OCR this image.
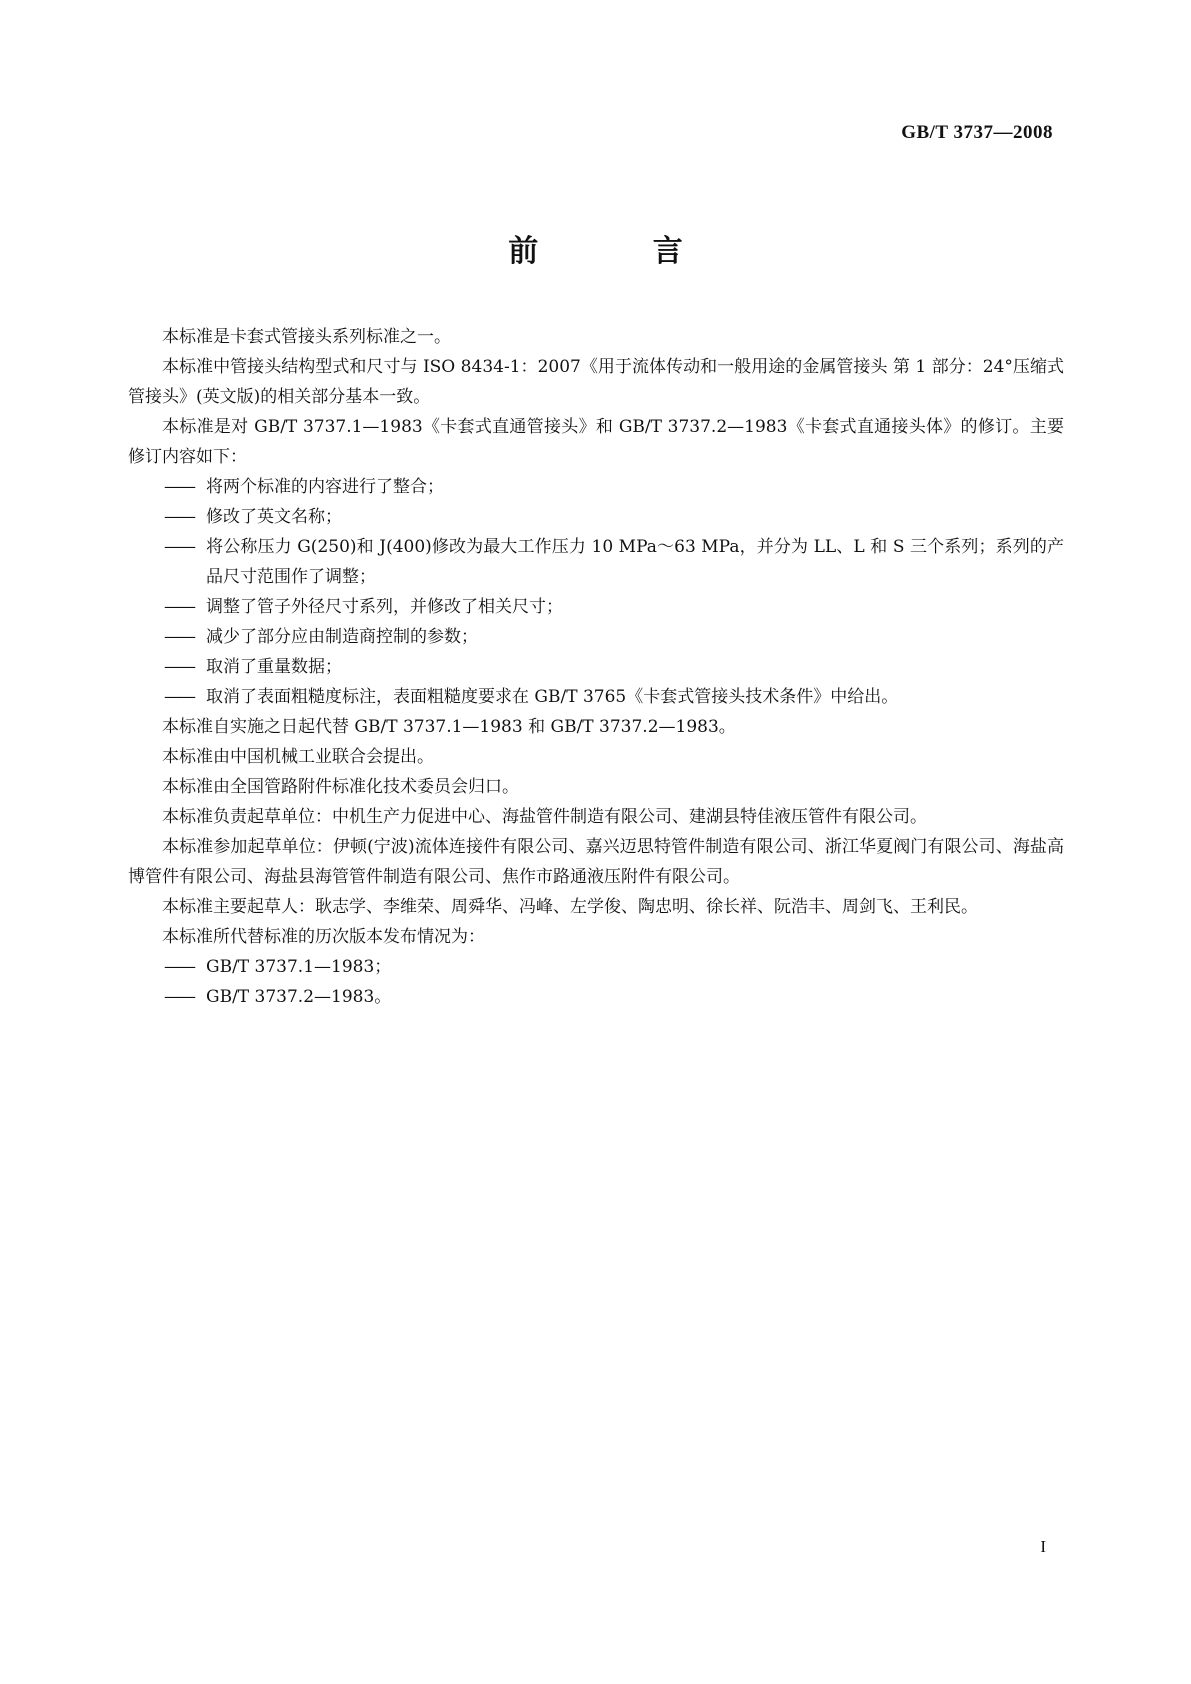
GB/T 3737—2008
前 言

本标准是卡套式管接头系列标准之一。

本标准中管接头结构型式和尺寸与 ISO 8434-1：2007《用于流体传动和一般用途的金属管接头 第 1 部分：24°压缩式管接头》(英文版)的相关部分基本一致。

本标准是对 GB/T 3737.1—1983《卡套式直通管接头》和 GB/T 3737.2—1983《卡套式直通接头体》的修订。主要修订内容如下：

—— 将两个标准的内容进行了整合；

—— 修改了英文名称；

—— 将公称压力 G(250)和 J(400)修改为最大工作压力 10 MPa～63 MPa，并分为 LL、L 和 S 三个系列；系列的产品尺寸范围作了调整；

—— 调整了管子外径尺寸系列，并修改了相关尺寸；

—— 减少了部分应由制造商控制的参数；

—— 取消了重量数据；

—— 取消了表面粗糙度标注，表面粗糙度要求在 GB/T 3765《卡套式管接头技术条件》中给出。

本标准自实施之日起代替 GB/T 3737.1—1983 和 GB/T 3737.2—1983。

本标准由中国机械工业联合会提出。

本标准由全国管路附件标准化技术委员会归口。

本标准负责起草单位：中机生产力促进中心、海盐管件制造有限公司、建湖县特佳液压管件有限公司。

本标准参加起草单位：伊顿(宁波)流体连接件有限公司、嘉兴迈思特管件制造有限公司、浙江华夏阀门有限公司、海盐高博管件有限公司、海盐县海管管件制造有限公司、焦作市路通液压附件有限公司。

本标准主要起草人：耿志学、李维荣、周舜华、冯峰、左学俊、陶忠明、徐长祥、阮浩丰、周剑飞、王利民。

本标准所代替标准的历次版本发布情况为：

—— GB/T 3737.1—1983；

—— GB/T 3737.2—1983。

I
